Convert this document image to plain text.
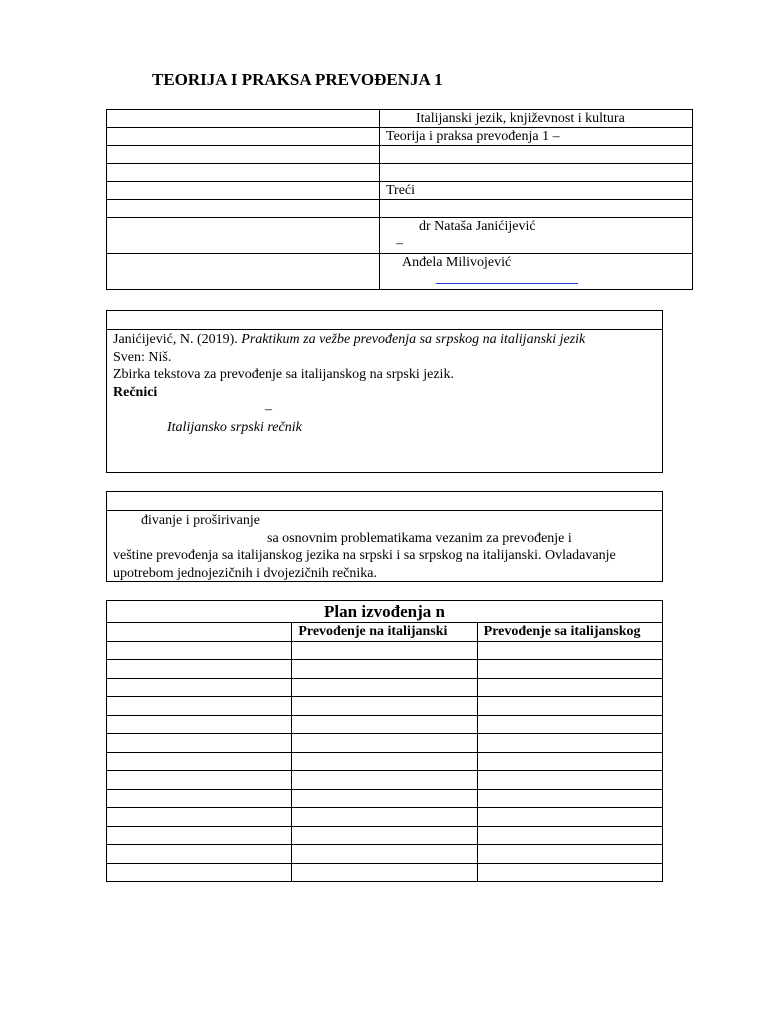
TEORIJA I PRAKSA PREVOĐENJA 1
	Italijanski jezik, književnost i kultura
	Teorija i praksa prevođenja 1 –

	Treći

	dr Nataša Janićijević
–

	Anđela Milivojević
Janićijević, N. (2019). Praktikum za vežbe prevođenja sa srpskog na italijanski jezik
Sven: Niš.
Zbirka tekstova za prevođenje sa italijanskog na srpski jezik.
Rečnici
–
Italijansko srpski rečnik
đivanje i proširivanje
sa osnovnim problematikama vezanim za prevođenje i
veštine prevođenja sa italijanskog jezika na srpski i sa srpskog na italijanski. Ovladavanje
upotrebom jednojezičnih i dvojezičnih rečnika.
Plan izvođenja n		
	Prevođenje na italijanski	Prevođenje sa italijanskog
